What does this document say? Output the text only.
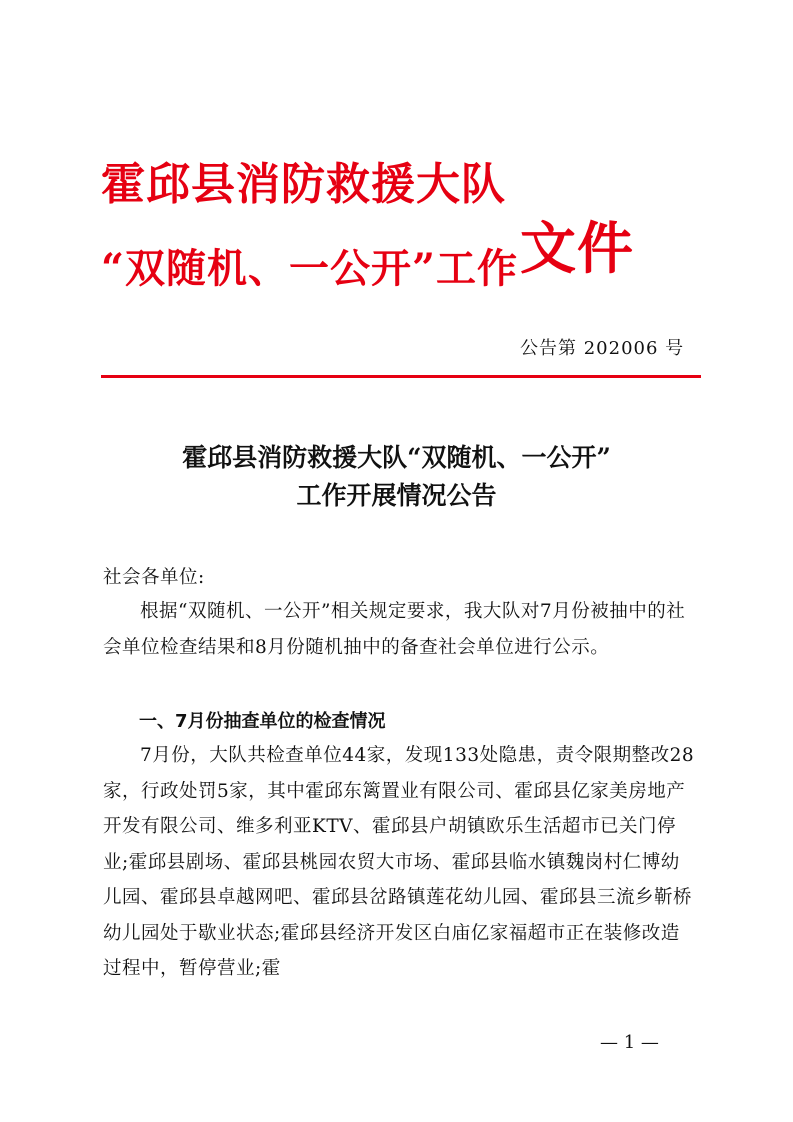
霍邱县消防救援大队
“双随机、一公开”工作文件
公告第 202006 号
霍邱县消防救援大队“双随机、一公开”
工作开展情况公告
社会各单位:
根据“双随机、一公开”相关规定要求，我大队对7月份被抽中的社会单位检查结果和8月份随机抽中的备查社会单位进行公示。
一、7月份抽查单位的检查情况
7月份，大队共检查单位44家，发现133处隐患，责令限期整改28家，行政处罚5家，其中霍邱东篱置业有限公司、霍邱县亿家美房地产开发有限公司、维多利亚KTV、霍邱县户胡镇欧乐生活超市已关门停业;霍邱县剧场、霍邱县桃园农贸大市场、霍邱县临水镇魏岗村仁博幼儿园、霍邱县卓越网吧、霍邱县岔路镇莲花幼儿园、霍邱县三流乡靳桥幼儿园处于歇业状态;霍邱县经济开发区白庙亿家福超市正在装修改造过程中，暂停营业;霍
— 1 —
